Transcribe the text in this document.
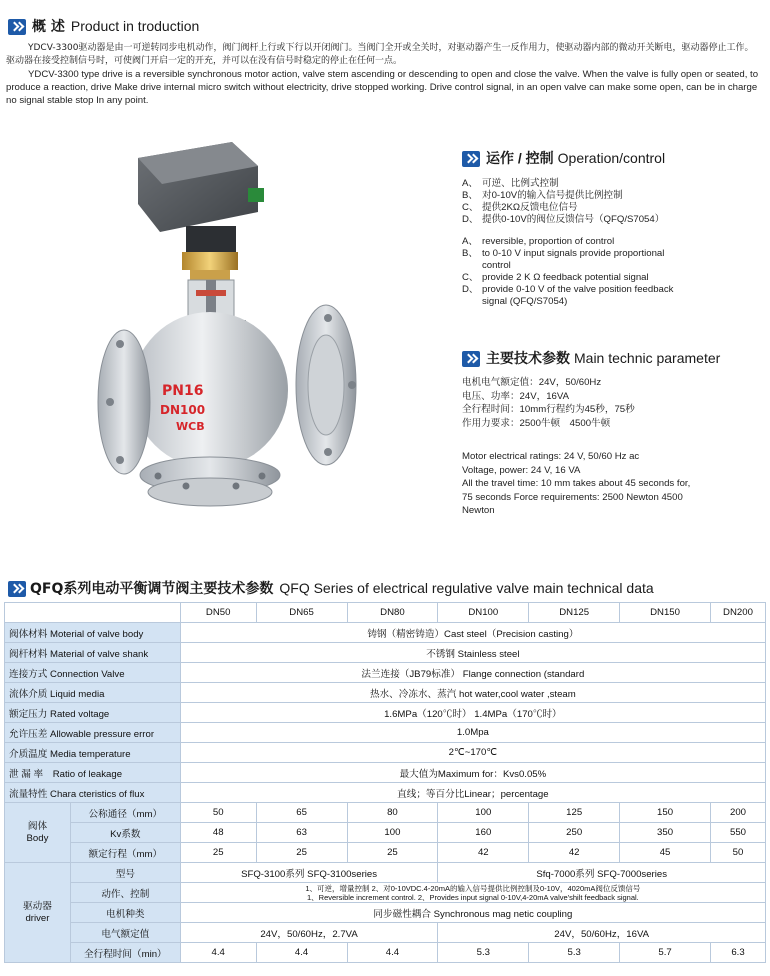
概 述 Product in troduction
YDCV-3300驱动器是由一可逆转同步电机动作，阀门阀杆上行或下行以开闭阀门。当阀门全开或全关时，对驱动器产生一反作用力，使驱动器内部的微动开关断电，驱动器停止工作。驱动器在接受控制信号时，可使阀门开启一定的开充，并可以在没有信号时稳定的停止在任何一点。
YDCV-3300 type drive is a reversible synchronous motor action, valve stem ascending or descending to open and close the valve. When the valve is fully open or seated, to produce a reaction, drive Make drive internal micro switch without electricity, drive stopped working. Drive control signal, in an open valve can make some open, can be in charge no signal stable stop In any point.
PN16
DN100
WCB
运作 / 控制 Operation/control
A、 可逆、比例式控制
B、 对0-10V的输入信号提供比例控制
C、 提供2KΩ反馈电位信号
D、 提供0-10V的阀位反馈信号（QFQ/S7054）
A、 reversible, proportion of control
B、 to 0-10 V input signals provide proportional control
C、 provide 2 K Ω feedback potential signal
D、 provide 0-10 V of the valve position feedback signal (QFQ/S7054)
主要技术参数 Main technic parameter
电机电气额定值：24V，50/60Hz
电压、功率：24V，16VA
全行程时间：10mm行程约为45秒，75秒
作用力要求：2500牛顿　4500牛顿
Motor electrical ratings: 24 V, 50/60 Hz ac
Voltage, power: 24 V, 16 VA
All the travel time: 10 mm takes about 45 seconds for,
75 seconds Force requirements: 2500 Newton 4500
Newton
QFQ系列电动平衡调节阀主要技术参数 QFQ Series of electrical regulative valve main technical data
		DN50	DN65	DN80	DN100	DN125	DN150	DN200
阀体材料 Moterial of valve body		铸钢（精密铸造）Cast steel（Precision casting）						
阀杆材料 Material of valve shank		不锈钢 Stainless steel						
连接方式 Connection Valve		法兰连接（JB79标准） Flange connection (standard						
流体介质 Liquid media		热水、冷冻水、蒸汽 hot water,cool water ,steam						
额定压力 Rated voltage		1.6MPa（120℃时） 1.4MPa（170℃时）						
允许压差 Allowable pressure error		1.0Mpa						
介质温度 Media temperature		2℃~170℃						
泄 漏 率　Ratio of leakage		最大值为Maximum for：Kvs0.05%						
流量特性 Chara cteristics of flux		直线；等百分比Linear；percentage						

阀体
Body	公称通径（mm）	50	65	80	100	125	150	200
	Kv系数	48	63	100	160	250	350	550
	额定行程（mm）	25	25	25	42	42	45	50

驱动器
driver	型号	SFQ-3100系列 SFQ-3100series			Sfq-7000系列 SFQ-7000series			
	动作、控制	1、可逆，增量控制 2、对0-10VDC.4-20mA的输入信号提供比例控制及0-10V，4020mA阀位反馈信号
1、Reversible increment control. 2、Provides input signal 0-10V,4-20mA valve'shilt feedback signal.						

	电机种类	同步磁性耦合 Synchronous mag netic coupling						
	电气额定值	24V，50/60Hz，2.7VA			24V，50/60Hz，16VA			
	全行程时间（min）	4.4	4.4	4.4	5.3	5.3	5.7	6.3
